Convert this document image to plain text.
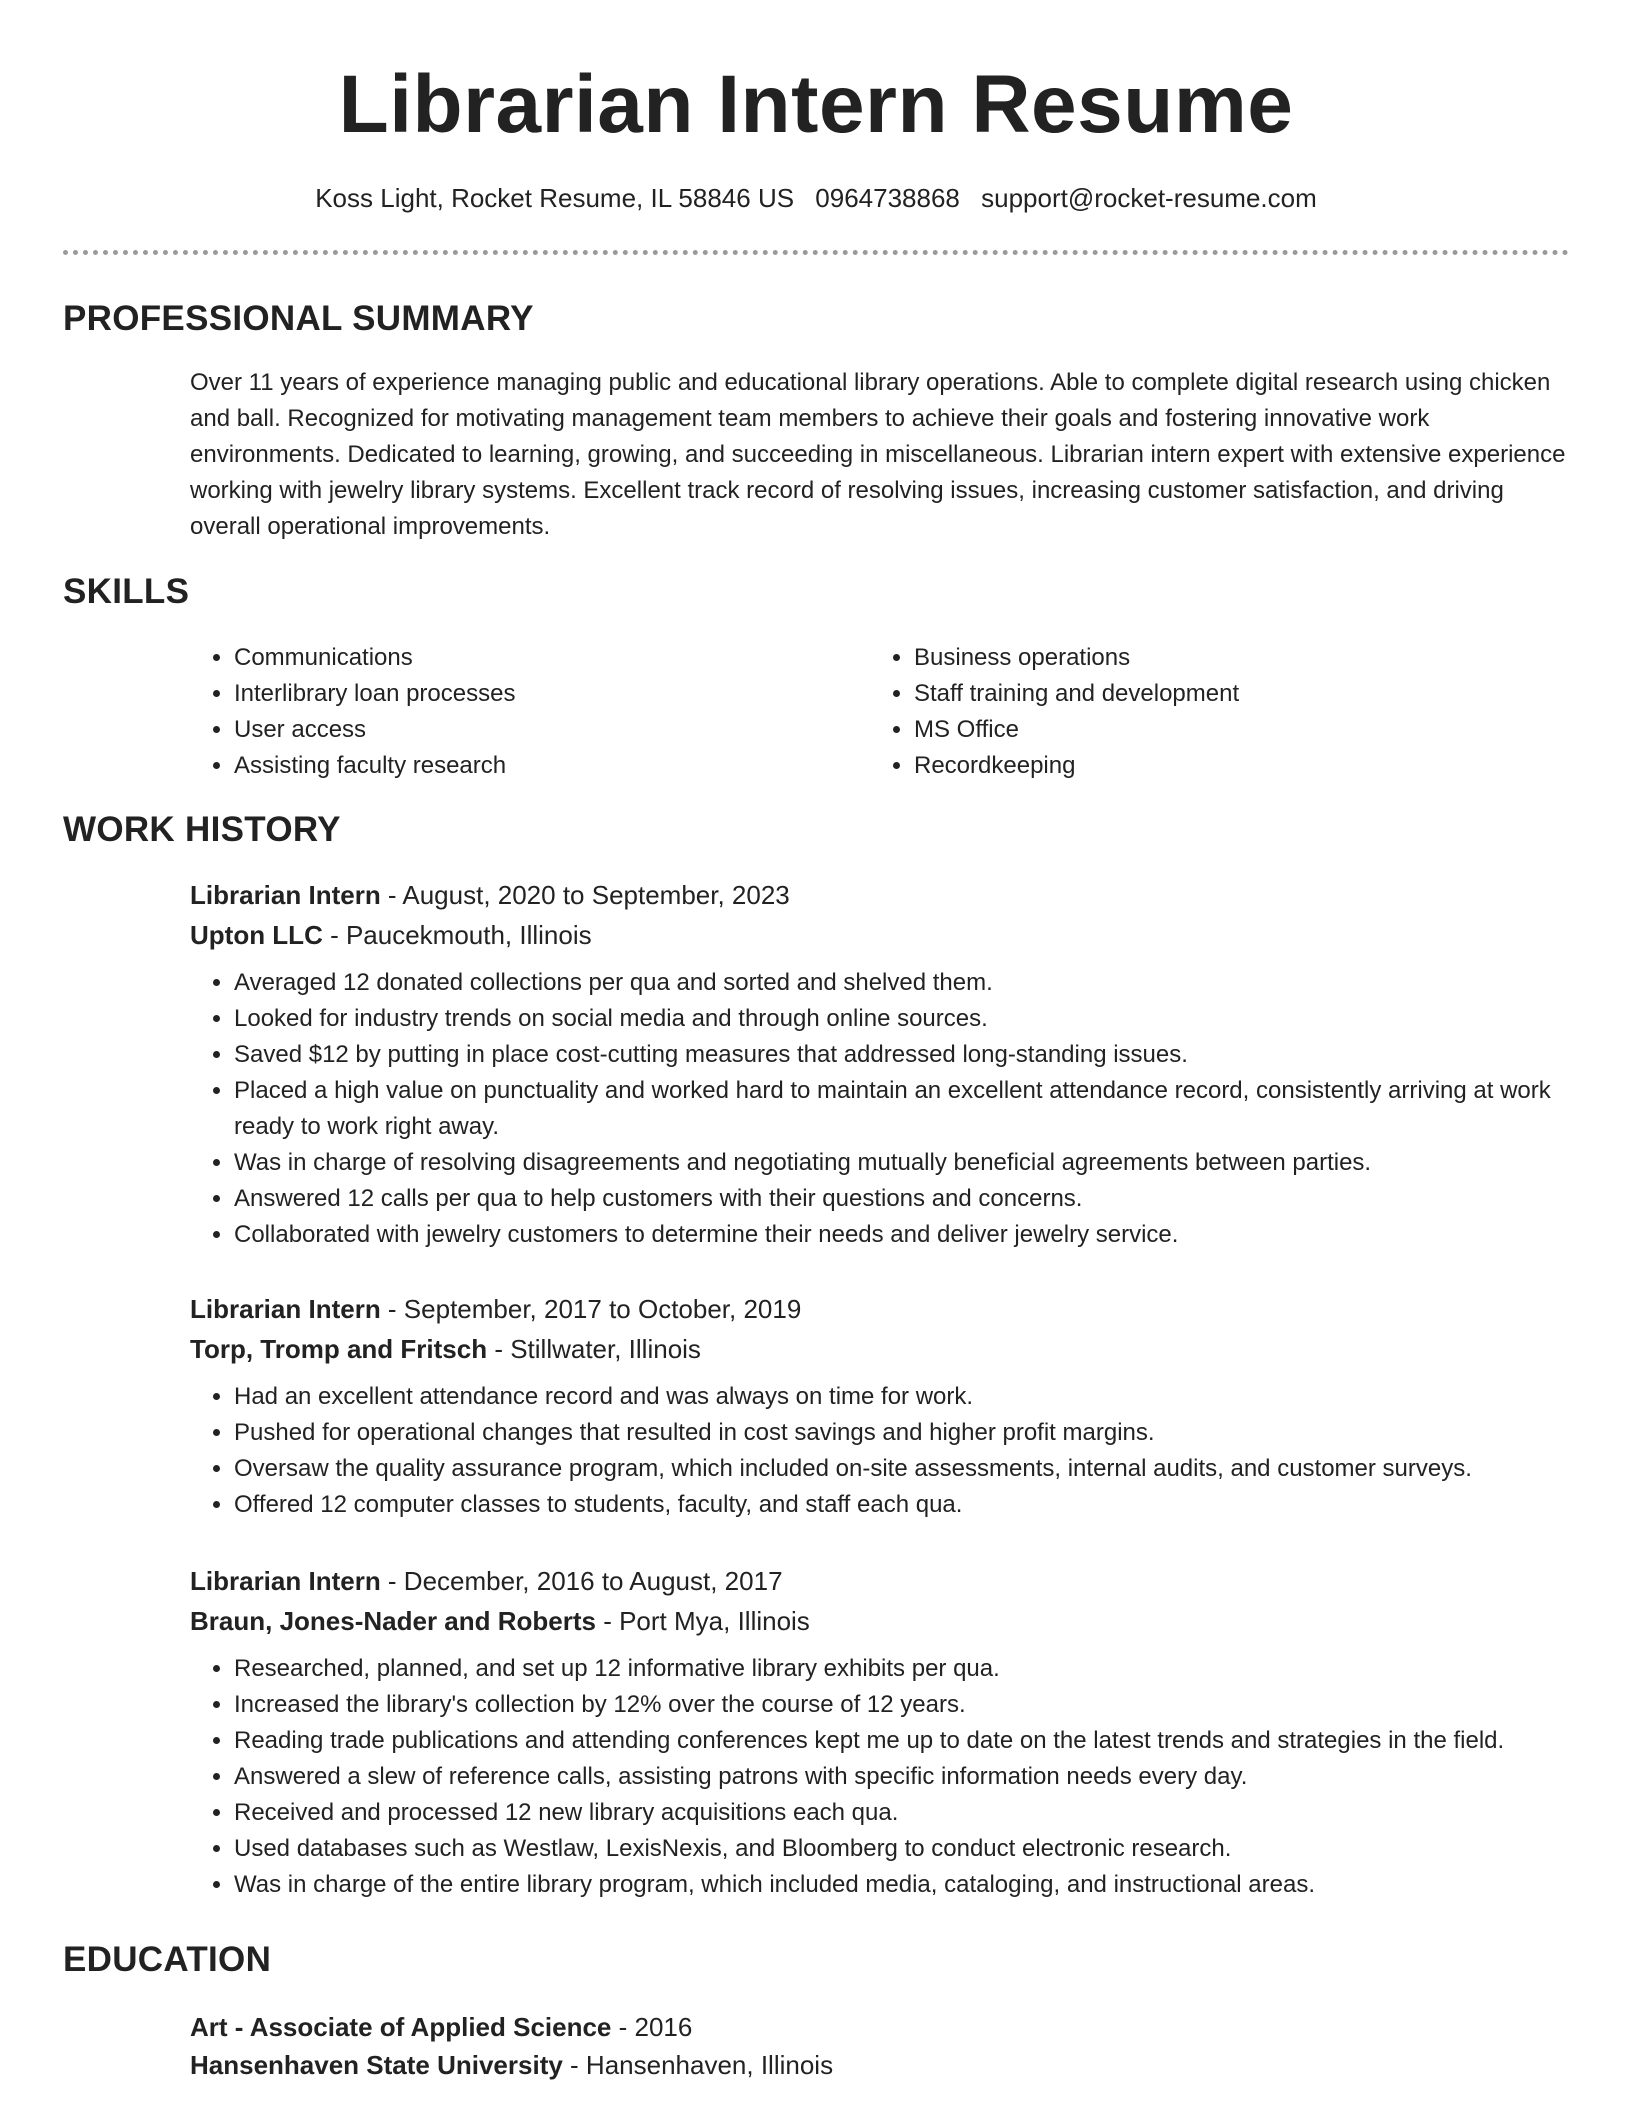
Librarian Intern Resume
Koss Light, Rocket Resume, IL 58846 US 0964738868 support@rocket-resume.com
PROFESSIONAL SUMMARY

Over 11 years of experience managing public and educational library operations. Able to complete digital research using chicken and ball. Recognized for motivating management team members to achieve their goals and fostering innovative work environments. Dedicated to learning, growing, and succeeding in miscellaneous. Librarian intern expert with extensive experience working with jewelry library systems. Excellent track record of resolving issues, increasing customer satisfaction, and driving overall operational improvements.

SKILLS
• Communications
• Interlibrary loan processes
• User access
• Assisting faculty research
• Business operations
• Staff training and development
• MS Office
• Recordkeeping
WORK HISTORY

Librarian Intern - August, 2020 to September, 2023

Upton LLC - Paucekmouth, Illinois

• Averaged 12 donated collections per qua and sorted and shelved them.
• Looked for industry trends on social media and through online sources.
• Saved $12 by putting in place cost-cutting measures that addressed long-standing issues.
• Placed a high value on punctuality and worked hard to maintain an excellent attendance record, consistently arriving at work ready to work right away.
• Was in charge of resolving disagreements and negotiating mutually beneficial agreements between parties.
• Answered 12 calls per qua to help customers with their questions and concerns.
• Collaborated with jewelry customers to determine their needs and deliver jewelry service.

Librarian Intern - September, 2017 to October, 2019

Torp, Tromp and Fritsch - Stillwater, Illinois

• Had an excellent attendance record and was always on time for work.
• Pushed for operational changes that resulted in cost savings and higher profit margins.
• Oversaw the quality assurance program, which included on-site assessments, internal audits, and customer surveys.
• Offered 12 computer classes to students, faculty, and staff each qua.

Librarian Intern - December, 2016 to August, 2017

Braun, Jones-Nader and Roberts - Port Mya, Illinois

• Researched, planned, and set up 12 informative library exhibits per qua.
• Increased the library's collection by 12% over the course of 12 years.
• Reading trade publications and attending conferences kept me up to date on the latest trends and strategies in the field.
• Answered a slew of reference calls, assisting patrons with specific information needs every day.
• Received and processed 12 new library acquisitions each qua.
• Used databases such as Westlaw, LexisNexis, and Bloomberg to conduct electronic research.
• Was in charge of the entire library program, which included media, cataloging, and instructional areas.
EDUCATION

Art - Associate of Applied Science - 2016

Hansenhaven State University - Hansenhaven, Illinois
